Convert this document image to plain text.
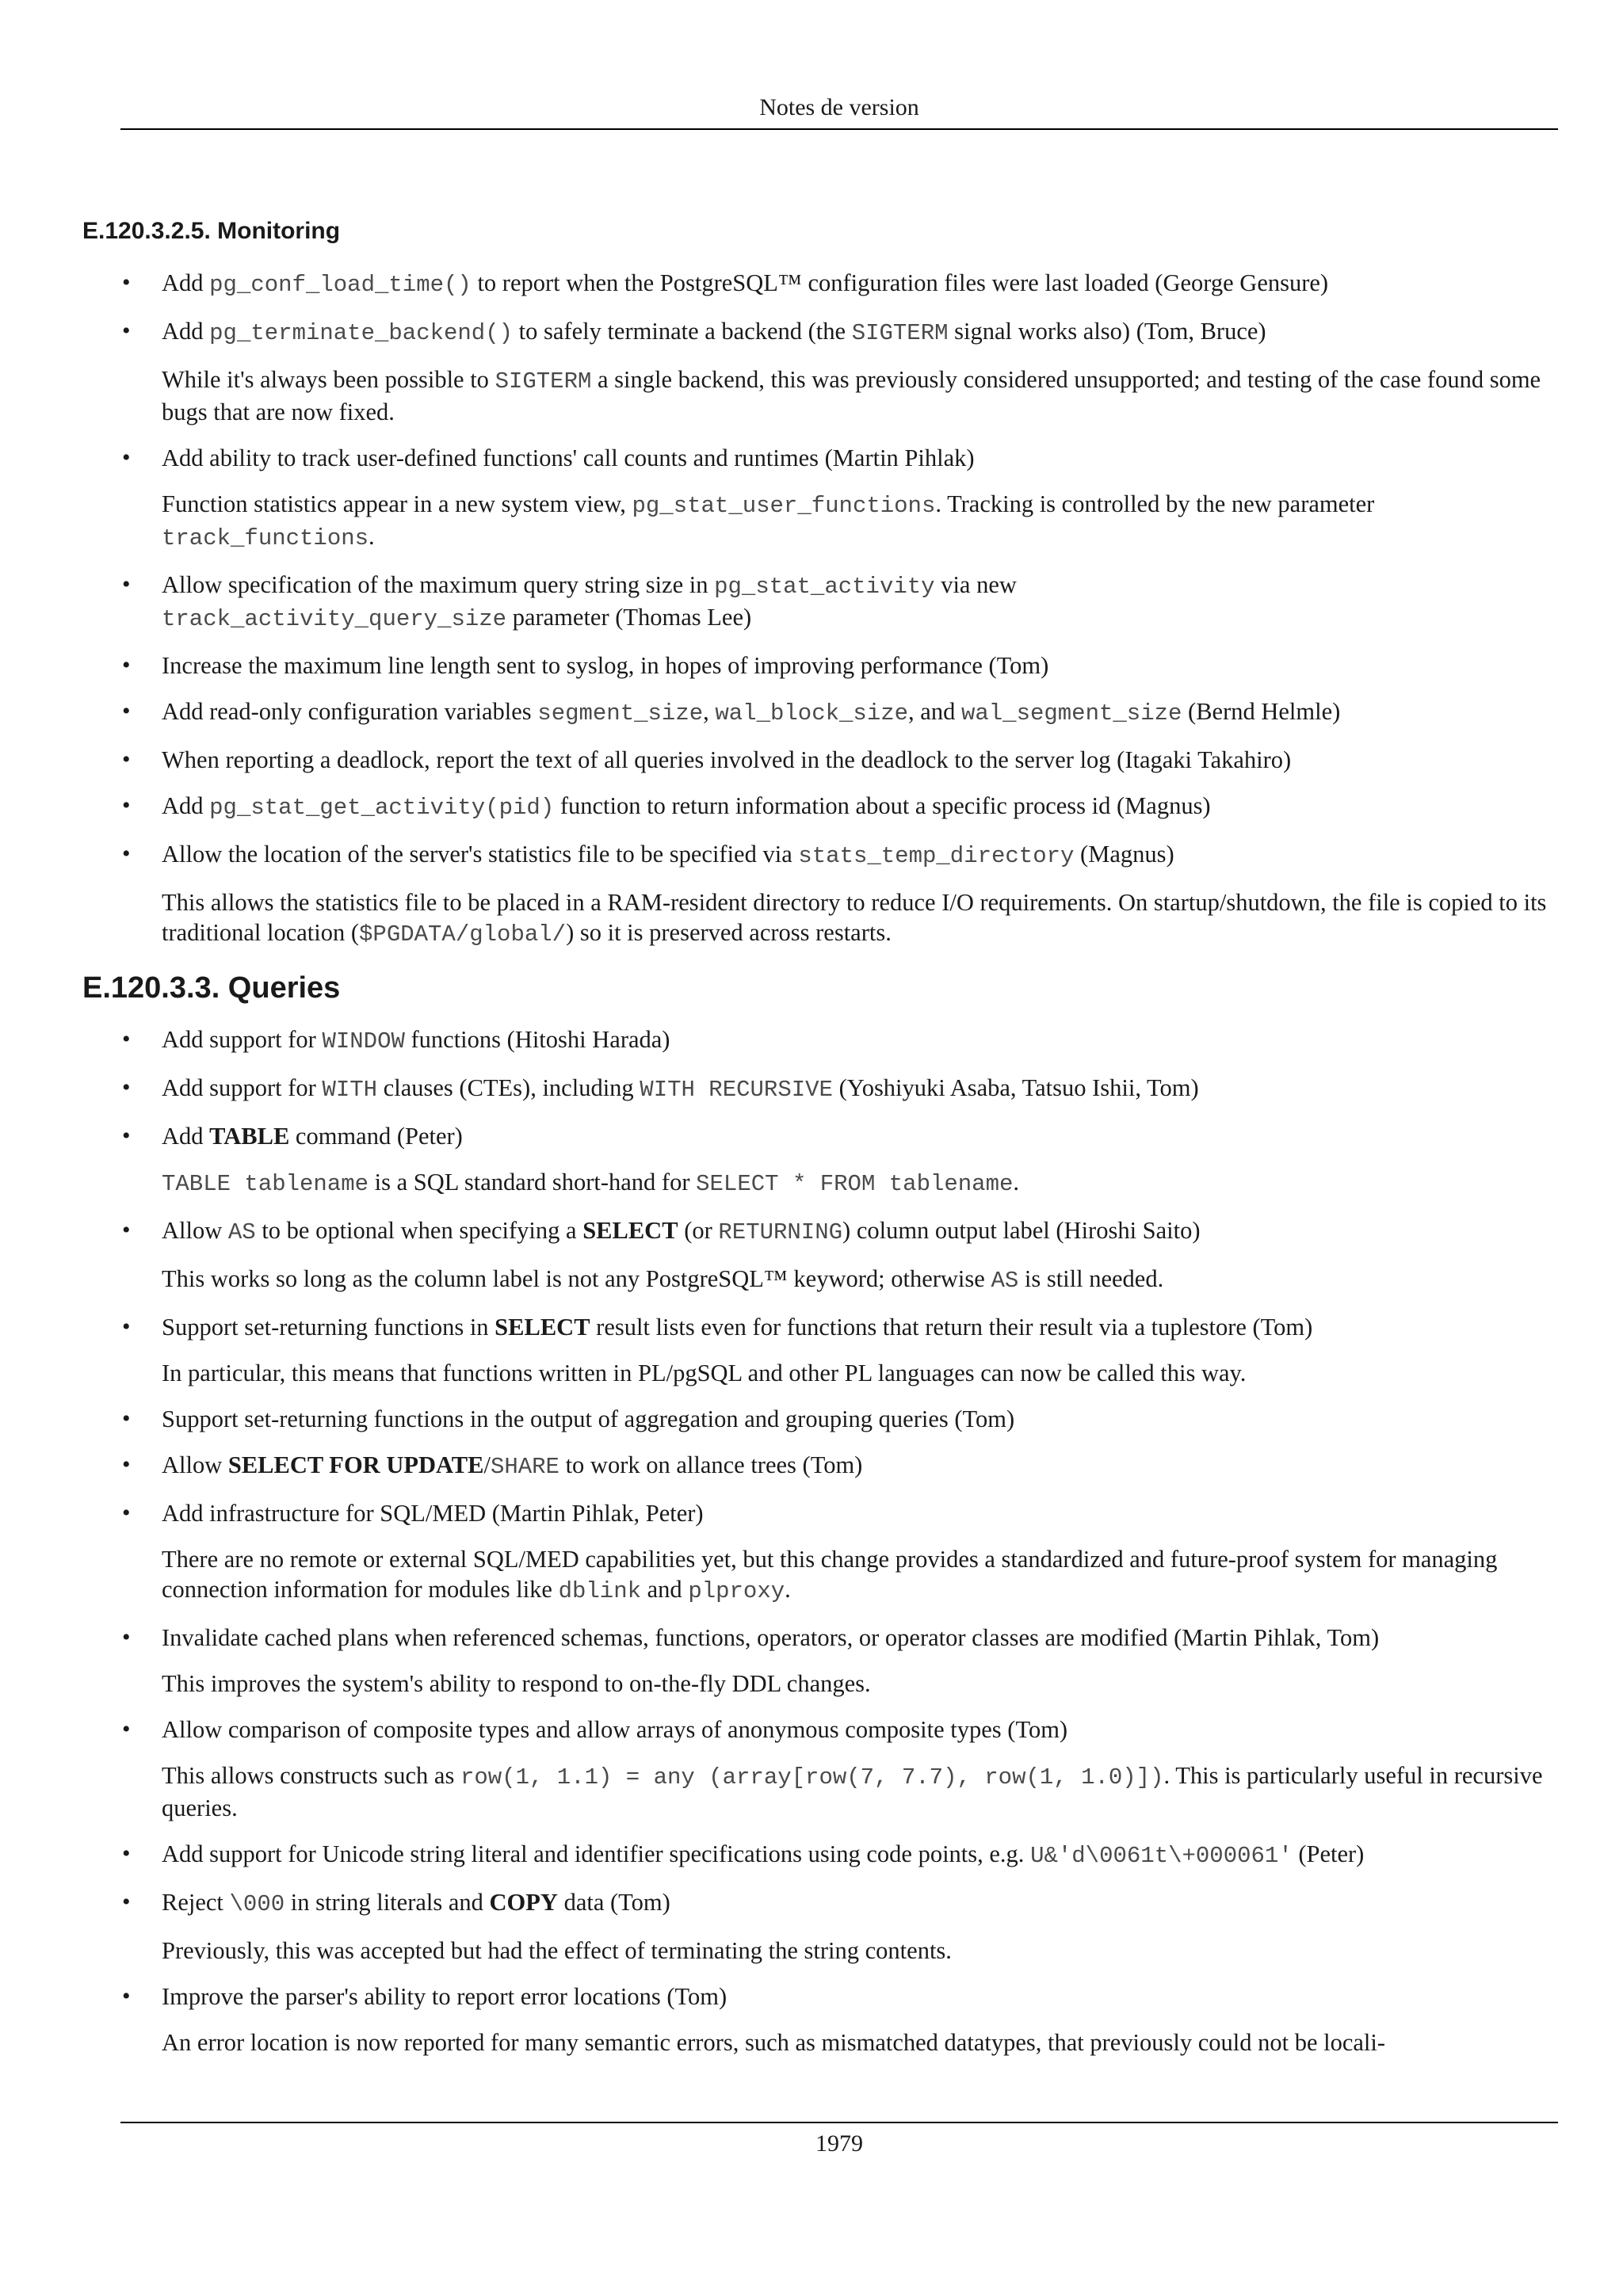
Notes de version
E.120.3.2.5. Monitoring
• Add pg_conf_load_time() to report when the PostgreSQL™ configuration files were last loaded (George Gensure)
• Add pg_terminate_backend() to safely terminate a backend (the SIGTERM signal works also) (Tom, Bruce)
While it's always been possible to SIGTERM a single backend, this was previously considered unsupported; and testing of the case found some bugs that are now fixed.
• Add ability to track user-defined functions' call counts and runtimes (Martin Pihlak)
Function statistics appear in a new system view, pg_stat_user_functions. Tracking is controlled by the new parameter track_functions.
• Allow specification of the maximum query string size in pg_stat_activity via new
track_activity_query_size parameter (Thomas Lee)
• Increase the maximum line length sent to syslog, in hopes of improving performance (Tom)
• Add read-only configuration variables segment_size, wal_block_size, and wal_segment_size (Bernd Helmle)
• When reporting a deadlock, report the text of all queries involved in the deadlock to the server log (Itagaki Takahiro)
• Add pg_stat_get_activity(pid) function to return information about a specific process id (Magnus)
• Allow the location of the server's statistics file to be specified via stats_temp_directory (Magnus)
This allows the statistics file to be placed in a RAM-resident directory to reduce I/O requirements. On startup/shutdown, the file is copied to its traditional location ($PGDATA/global/) so it is preserved across restarts.
E.120.3.3. Queries
• Add support for WINDOW functions (Hitoshi Harada)
• Add support for WITH clauses (CTEs), including WITH RECURSIVE (Yoshiyuki Asaba, Tatsuo Ishii, Tom)
• Add TABLE command (Peter)
TABLE tablename is a SQL standard short-hand for SELECT * FROM tablename.
• Allow AS to be optional when specifying a SELECT (or RETURNING) column output label (Hiroshi Saito)
This works so long as the column label is not any PostgreSQL™ keyword; otherwise AS is still needed.
• Support set-returning functions in SELECT result lists even for functions that return their result via a tuplestore (Tom)
In particular, this means that functions written in PL/pgSQL and other PL languages can now be called this way.
• Support set-returning functions in the output of aggregation and grouping queries (Tom)
• Allow SELECT FOR UPDATE/SHARE to work on allance trees (Tom)
• Add infrastructure for SQL/MED (Martin Pihlak, Peter)
There are no remote or external SQL/MED capabilities yet, but this change provides a standardized and future-proof system for managing connection information for modules like dblink and plproxy.
• Invalidate cached plans when referenced schemas, functions, operators, or operator classes are modified (Martin Pihlak, Tom)
This improves the system's ability to respond to on-the-fly DDL changes.
• Allow comparison of composite types and allow arrays of anonymous composite types (Tom)
This allows constructs such as row(1, 1.1) = any (array[row(7, 7.7), row(1, 1.0)]). This is particularly useful in recursive queries.
• Add support for Unicode string literal and identifier specifications using code points, e.g. U&'d\0061t\+000061' (Peter)
• Reject \000 in string literals and COPY data (Tom)
Previously, this was accepted but had the effect of terminating the string contents.
• Improve the parser's ability to report error locations (Tom)
An error location is now reported for many semantic errors, such as mismatched datatypes, that previously could not be locali-
1979
